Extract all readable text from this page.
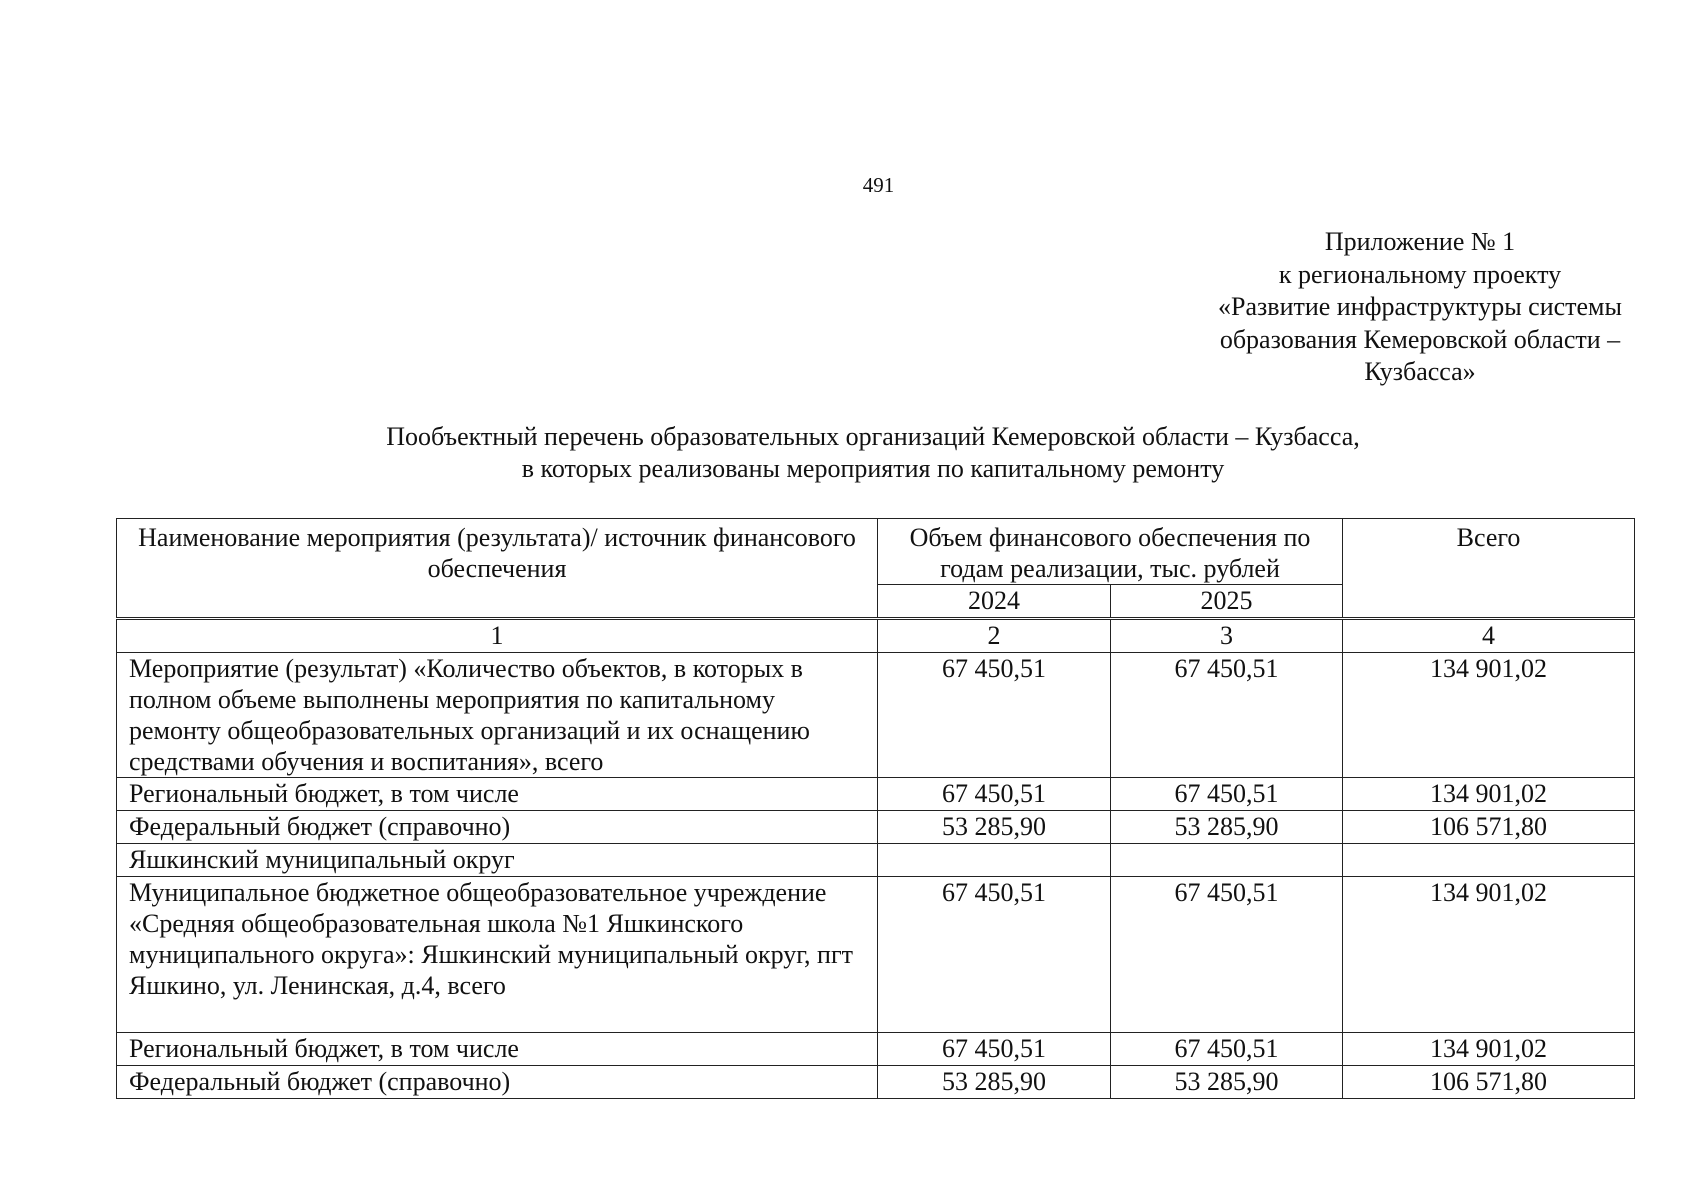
491
Приложение № 1
к региональному проекту
«Развитие инфраструктуры системы
образования Кемеровской области –
Кузбасса»
Пообъектный перечень образовательных организаций Кемеровской области – Кузбасса,
в которых реализованы мероприятия по капитальному ремонту
Наименование мероприятия (результата)/ источник финансового обеспечения	Объем финансового обеспечения по годам реализации, тыс. рублей		Всего
	2024	2025	
1	2	3	4
Мероприятие (результат) «Количество объектов, в которых в полном объеме выполнены мероприятия по капитальному ремонту общеобразовательных организаций и их оснащению средствами обучения и воспитания», всего	67 450,51	67 450,51	134 901,02
Региональный бюджет, в том числе	67 450,51	67 450,51	134 901,02
Федеральный бюджет (справочно)	53 285,90	53 285,90	106 571,80
Яшкинский муниципальный округ			
Муниципальное бюджетное общеобразовательное учреждение «Средняя общеобразовательная школа №1 Яшкинского муниципального округа»: Яшкинский муниципальный округ, пгт Яшкино, ул. Ленинская, д.4, всего	67 450,51	67 450,51	134 901,02
Региональный бюджет, в том числе	67 450,51	67 450,51	134 901,02
Федеральный бюджет (справочно)	53 285,90	53 285,90	106 571,80
